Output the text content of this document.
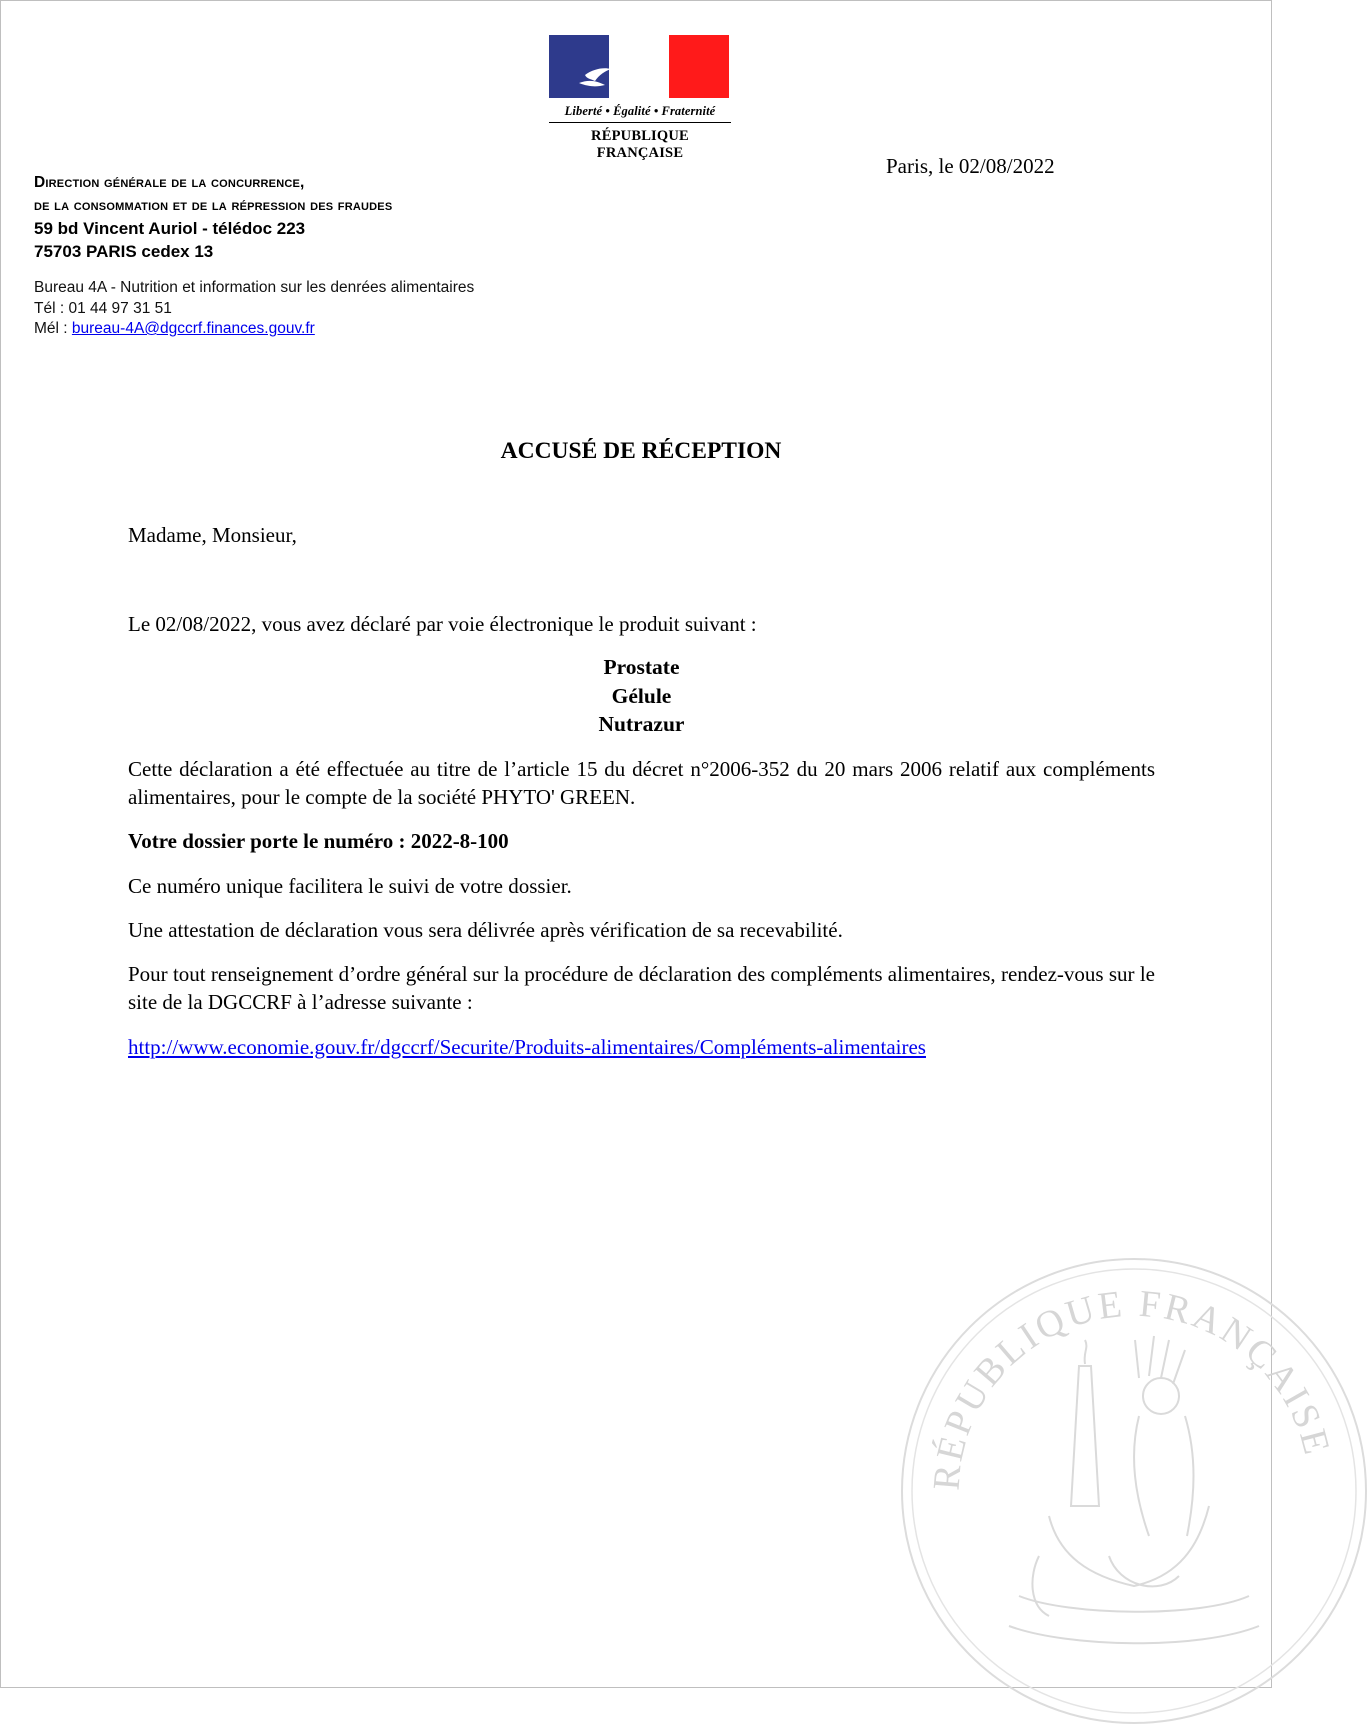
Liberté • Égalité • Fraternité
RÉPUBLIQUE FRANÇAISE
Paris, le 02/08/2022
Direction générale de la concurrence,
de la consommation et de la répression des fraudes
59 bd Vincent Auriol - télédoc 223
75703 PARIS cedex 13
Bureau 4A - Nutrition et information sur les denrées alimentaires
Tél : 01 44 97 31 51
Mél : bureau-4A@dgccrf.finances.gouv.fr
ACCUSÉ DE RÉCEPTION
Madame, Monsieur,
Le 02/08/2022, vous avez déclaré par voie électronique le produit suivant :
Prostate
Gélule
Nutrazur
Cette déclaration a été effectuée au titre de l’article 15 du décret n°2006-352 du 20 mars 2006 relatif aux compléments alimentaires, pour le compte de la société PHYTO' GREEN.
Votre dossier porte le numéro : 2022-8-100
Ce numéro unique facilitera le suivi de votre dossier.
Une attestation de déclaration vous sera délivrée après vérification de sa recevabilité.
Pour tout renseignement d’ordre général sur la procédure de déclaration des compléments alimentaires, rendez-vous sur le site de la DGCCRF à l’adresse suivante :
http://www.economie.gouv.fr/dgccrf/Securite/Produits-alimentaires/Compléments-alimentaires
RÉPUBLIQUE FRANÇAISE
